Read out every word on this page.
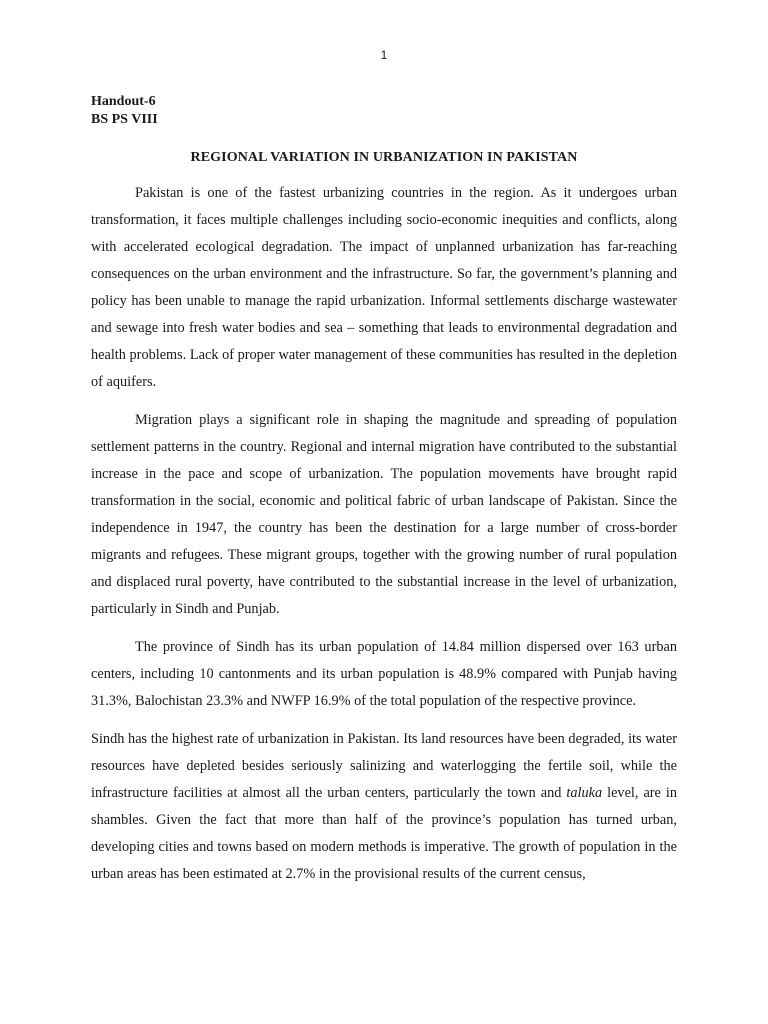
1
Handout-6
BS PS VIII
REGIONAL VARIATION IN URBANIZATION IN PAKISTAN

Pakistan is one of the fastest urbanizing countries in the region. As it undergoes urban transformation, it faces multiple challenges including socio-economic inequities and conflicts, along with accelerated ecological degradation. The impact of unplanned urbanization has far-reaching consequences on the urban environment and the infrastructure. So far, the government’s planning and policy has been unable to manage the rapid urbanization. Informal settlements discharge wastewater and sewage into fresh water bodies and sea – something that leads to environmental degradation and health problems. Lack of proper water management of these communities has resulted in the depletion of aquifers.

Migration plays a significant role in shaping the magnitude and spreading of population settlement patterns in the country. Regional and internal migration have contributed to the substantial increase in the pace and scope of urbanization. The population movements have brought rapid transformation in the social, economic and political fabric of urban landscape of Pakistan. Since the independence in 1947, the country has been the destination for a large number of cross-border migrants and refugees. These migrant groups, together with the growing number of rural population and displaced rural poverty, have contributed to the substantial increase in the level of urbanization, particularly in Sindh and Punjab.

The province of Sindh has its urban population of 14.84 million dispersed over 163 urban centers, including 10 cantonments and its urban population is 48.9% compared with Punjab having 31.3%, Balochistan 23.3% and NWFP 16.9% of the total population of the respective province.

Sindh has the highest rate of urbanization in Pakistan. Its land resources have been degraded, its water resources have depleted besides seriously salinizing and waterlogging the fertile soil, while the infrastructure facilities at almost all the urban centers, particularly the town and taluka level, are in shambles. Given the fact that more than half of the province’s population has turned urban, developing cities and towns based on modern methods is imperative. The growth of population in the urban areas has been estimated at 2.7% in the provisional results of the current census,
